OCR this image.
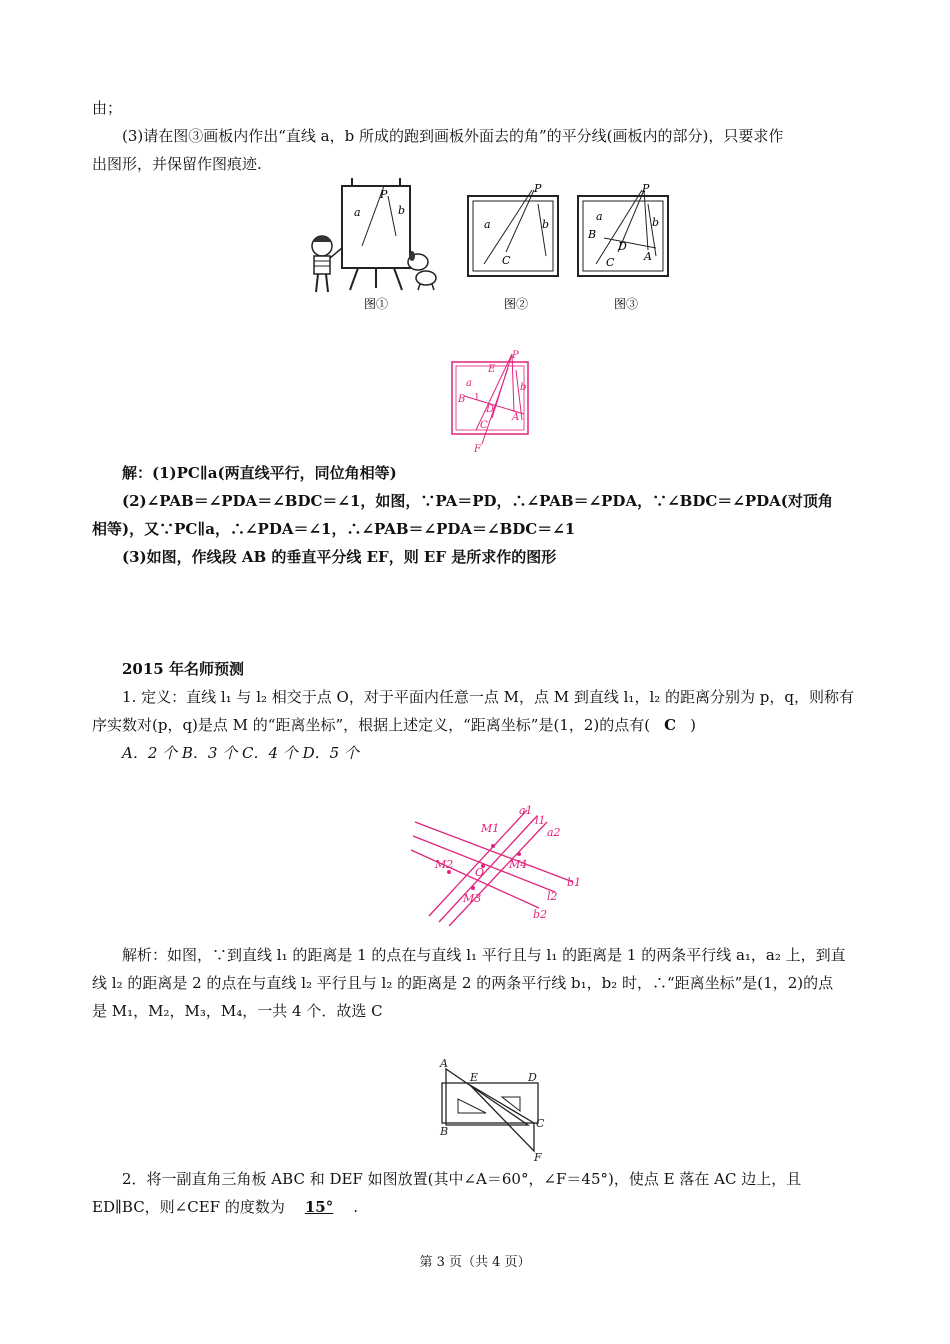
由；
(3)请在图③画板内作出“直线 a，b 所成的跑到画板外面去的角”的平分线(画板内的部分)，只要求作
出图形，并保留作图痕迹.
P
a	b
图①
P
a	b
C
图②
P
a	b
B
D
A
C
图③
P
E
a	b
B 1
D
A
C
F
解：(1)PC∥a(两直线平行，同位角相等)
(2)∠PAB＝∠PDA＝∠BDC＝∠1，如图，∵PA＝PD，∴∠PAB＝∠PDA，∵∠BDC＝∠PDA(对顶角
相等)，又∵PC∥a，∴∠PDA＝∠1，∴∠PAB＝∠PDA＝∠BDC＝∠1
(3)如图，作线段 AB 的垂直平分线 EF，则 EF 是所求作的图形
2015 年名师预测
1. 定义：直线 l₁ 与 l₂ 相交于点 O，对于平面内任意一点 M，点 M 到直线 l₁，l₂ 的距离分别为 p，q，则称有
序实数对(p，q)是点 M 的“距离坐标”，根据上述定义，“距离坐标”是(1，2)的点有( C )
A．2 个 B．3 个 C．4 个 D．5 个
M1
M2
M3
M4
O
a1
l1
a2
b1
l2
b2
解析：如图，∵到直线 l₁ 的距离是 1 的点在与直线 l₁ 平行且与 l₁ 的距离是 1 的两条平行线 a₁，a₂ 上，到直
线 l₂ 的距离是 2 的点在与直线 l₂ 平行且与 l₂ 的距离是 2 的两条平行线 b₁，b₂ 时，∴“距离坐标”是(1，2)的点
是 M₁，M₂，M₃，M₄，一共 4 个．故选 C
A
E	D
B
C
F
2．将一副直角三角板 ABC 和 DEF 如图放置(其中∠A＝60°，∠F＝45°)，使点 E 落在 AC 边上，且
ED∥BC，则∠CEF 的度数为 15° .
第 3 页（共 4 页）
